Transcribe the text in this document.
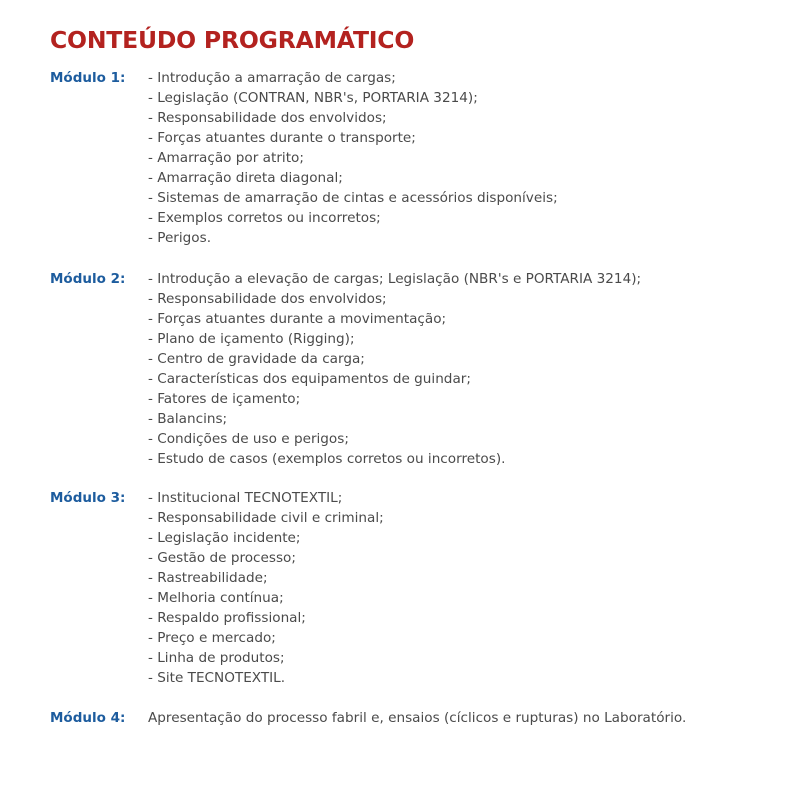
CONTEÚDO PROGRAMÁTICO
Módulo 1:	- Introdução a amarração de cargas;
- Legislação (CONTRAN, NBR's, PORTARIA 3214);
- Responsabilidade dos envolvidos;
- Forças atuantes durante o transporte;
- Amarração por atrito;
- Amarração direta diagonal;
- Sistemas de amarração de cintas e acessórios disponíveis;
- Exemplos corretos ou incorretos;
- Perigos.
Módulo 2:	- Introdução a elevação de cargas; Legislação (NBR's e PORTARIA 3214);
- Responsabilidade dos envolvidos;
- Forças atuantes durante a movimentação;
- Plano de içamento (Rigging);
- Centro de gravidade da carga;
- Características dos equipamentos de guindar;
- Fatores de içamento;
- Balancins;
- Condições de uso e perigos;
- Estudo de casos (exemplos corretos ou incorretos).
Módulo 3:	- Institucional TECNOTEXTIL;
- Responsabilidade civil e criminal;
- Legislação incidente;
- Gestão de processo;
- Rastreabilidade;
- Melhoria contínua;
- Respaldo profissional;
- Preço e mercado;
- Linha de produtos;
- Site TECNOTEXTIL.
Módulo 4:	Apresentação do processo fabril e, ensaios (cíclicos e rupturas) no Laboratório.
